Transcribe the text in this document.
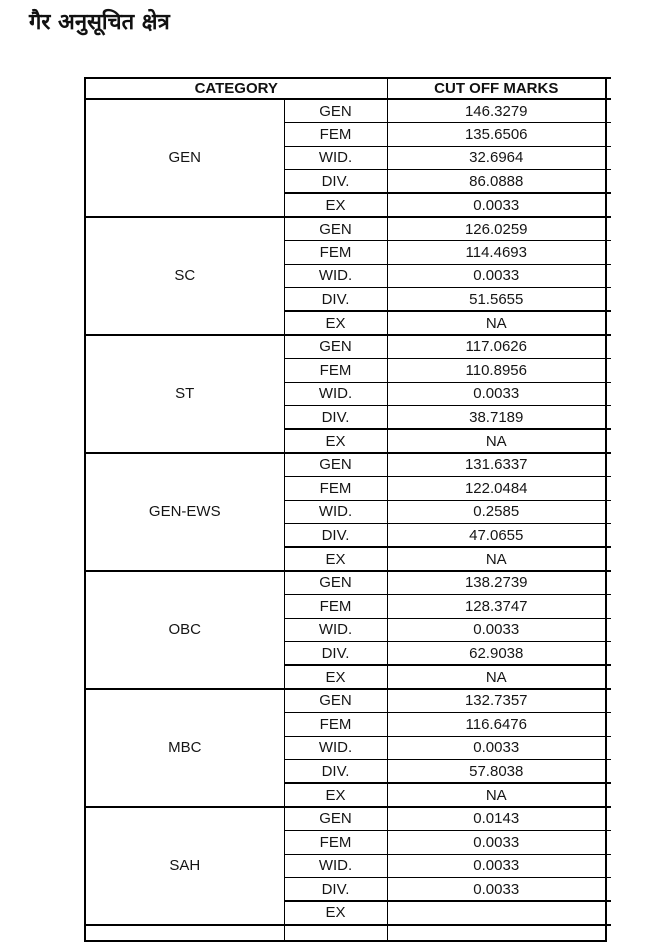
गैर अनुसूचित क्षेत्र
CATEGORY		CUT OFF MARKS
GEN	GEN	146.3279
	FEM	135.6506
	WID.	32.6964
	DIV.	86.0888
	EX	0.0033
SC	GEN	126.0259
	FEM	114.4693
	WID.	0.0033
	DIV.	51.5655
	EX	NA
ST	GEN	117.0626
	FEM	110.8956
	WID.	0.0033
	DIV.	38.7189
	EX	NA
GEN-EWS	GEN	131.6337
	FEM	122.0484
	WID.	0.2585
	DIV.	47.0655
	EX	NA
OBC	GEN	138.2739
	FEM	128.3747
	WID.	0.0033
	DIV.	62.9038
	EX	NA
MBC	GEN	132.7357
	FEM	116.6476
	WID.	0.0033
	DIV.	57.8038
	EX	NA
SAH	GEN	0.0143
	FEM	0.0033
	WID.	0.0033
	DIV.	0.0033
	EX	
